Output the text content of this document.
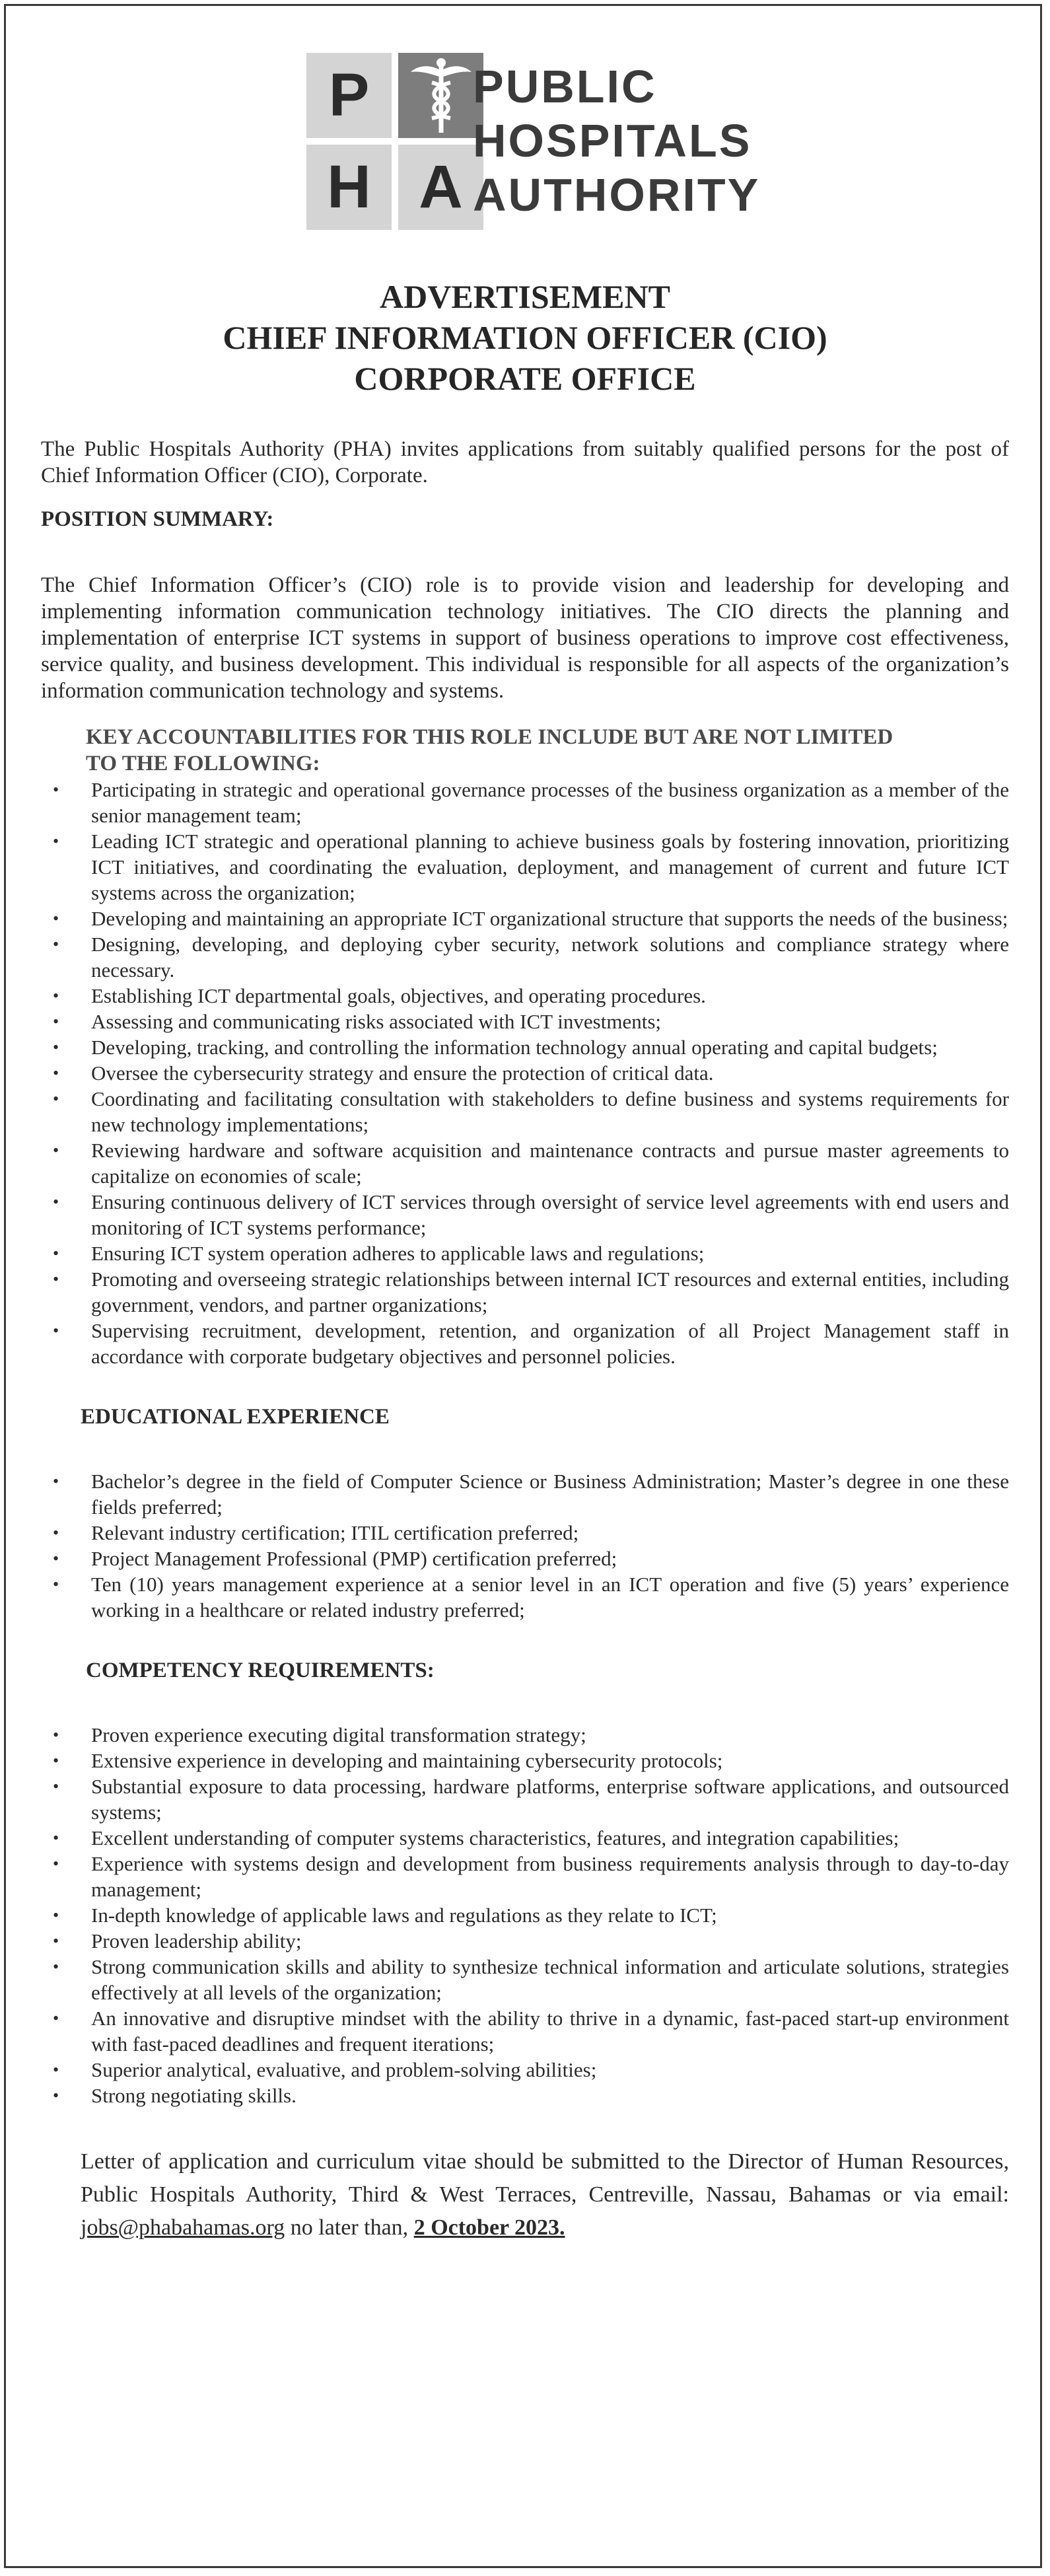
P
H A
PUBLIC
HOSPITALS
AUTHORITY
ADVERTISEMENT
CHIEF INFORMATION OFFICER (CIO)
CORPORATE OFFICE

The Public Hospitals Authority (PHA) invites applications from suitably qualified persons for the post of Chief Information Officer (CIO), Corporate.

POSITION SUMMARY:

The Chief Information Officer’s (CIO) role is to provide vision and leadership for developing and implementing information communication technology initiatives. The CIO directs the planning and implementation of enterprise ICT systems in support of business operations to improve cost effectiveness, service quality, and business development. This individual is responsible for all aspects of the organization’s information communication technology and systems.

KEY ACCOUNTABILITIES FOR THIS ROLE INCLUDE BUT ARE NOT LIMITED

TO THE FOLLOWING:

• Participating in strategic and operational governance processes of the business organization as a member of the senior management team;
• Leading ICT strategic and operational planning to achieve business goals by fostering innovation, prioritizing ICT initiatives, and coordinating the evaluation, deployment, and management of current and future ICT systems across the organization;
• Developing and maintaining an appropriate ICT organizational structure that supports the needs of the business;
• Designing, developing, and deploying cyber security, network solutions and compliance strategy where necessary.
• Establishing ICT departmental goals, objectives, and operating procedures.
• Assessing and communicating risks associated with ICT investments;
• Developing, tracking, and controlling the information technology annual operating and capital budgets;
• Oversee the cybersecurity strategy and ensure the protection of critical data.
• Coordinating and facilitating consultation with stakeholders to define business and systems requirements for new technology implementations;
• Reviewing hardware and software acquisition and maintenance contracts and pursue master agreements to capitalize on economies of scale;
• Ensuring continuous delivery of ICT services through oversight of service level agreements with end users and monitoring of ICT systems performance;
• Ensuring ICT system operation adheres to applicable laws and regulations;
• Promoting and overseeing strategic relationships between internal ICT resources and external entities, including government, vendors, and partner organizations;
• Supervising recruitment, development, retention, and organization of all Project Management staff in accordance with corporate budgetary objectives and personnel policies.

EDUCATIONAL EXPERIENCE

• Bachelor’s degree in the field of Computer Science or Business Administration; Master’s degree in one these fields preferred;
• Relevant industry certification; ITIL certification preferred;
• Project Management Professional (PMP) certification preferred;
• Ten (10) years management experience at a senior level in an ICT operation and five (5) years’ experience working in a healthcare or related industry preferred;

COMPETENCY REQUIREMENTS:

• Proven experience executing digital transformation strategy;
• Extensive experience in developing and maintaining cybersecurity protocols;
• Substantial exposure to data processing, hardware platforms, enterprise software applications, and outsourced systems;
• Excellent understanding of computer systems characteristics, features, and integration capabilities;
• Experience with systems design and development from business requirements analysis through to day-to-day management;
• In-depth knowledge of applicable laws and regulations as they relate to ICT;
• Proven leadership ability;
• Strong communication skills and ability to synthesize technical information and articulate solutions, strategies effectively at all levels of the organization;
• An innovative and disruptive mindset with the ability to thrive in a dynamic, fast-paced start-up environment with fast-paced deadlines and frequent iterations;
• Superior analytical, evaluative, and problem-solving abilities;
• Strong negotiating skills.

Letter of application and curriculum vitae should be submitted to the Director of Human Resources, Public Hospitals Authority, Third & West Terraces, Centreville, Nassau, Bahamas or via email: jobs@phabahamas.org no later than, 2 October 2023.
